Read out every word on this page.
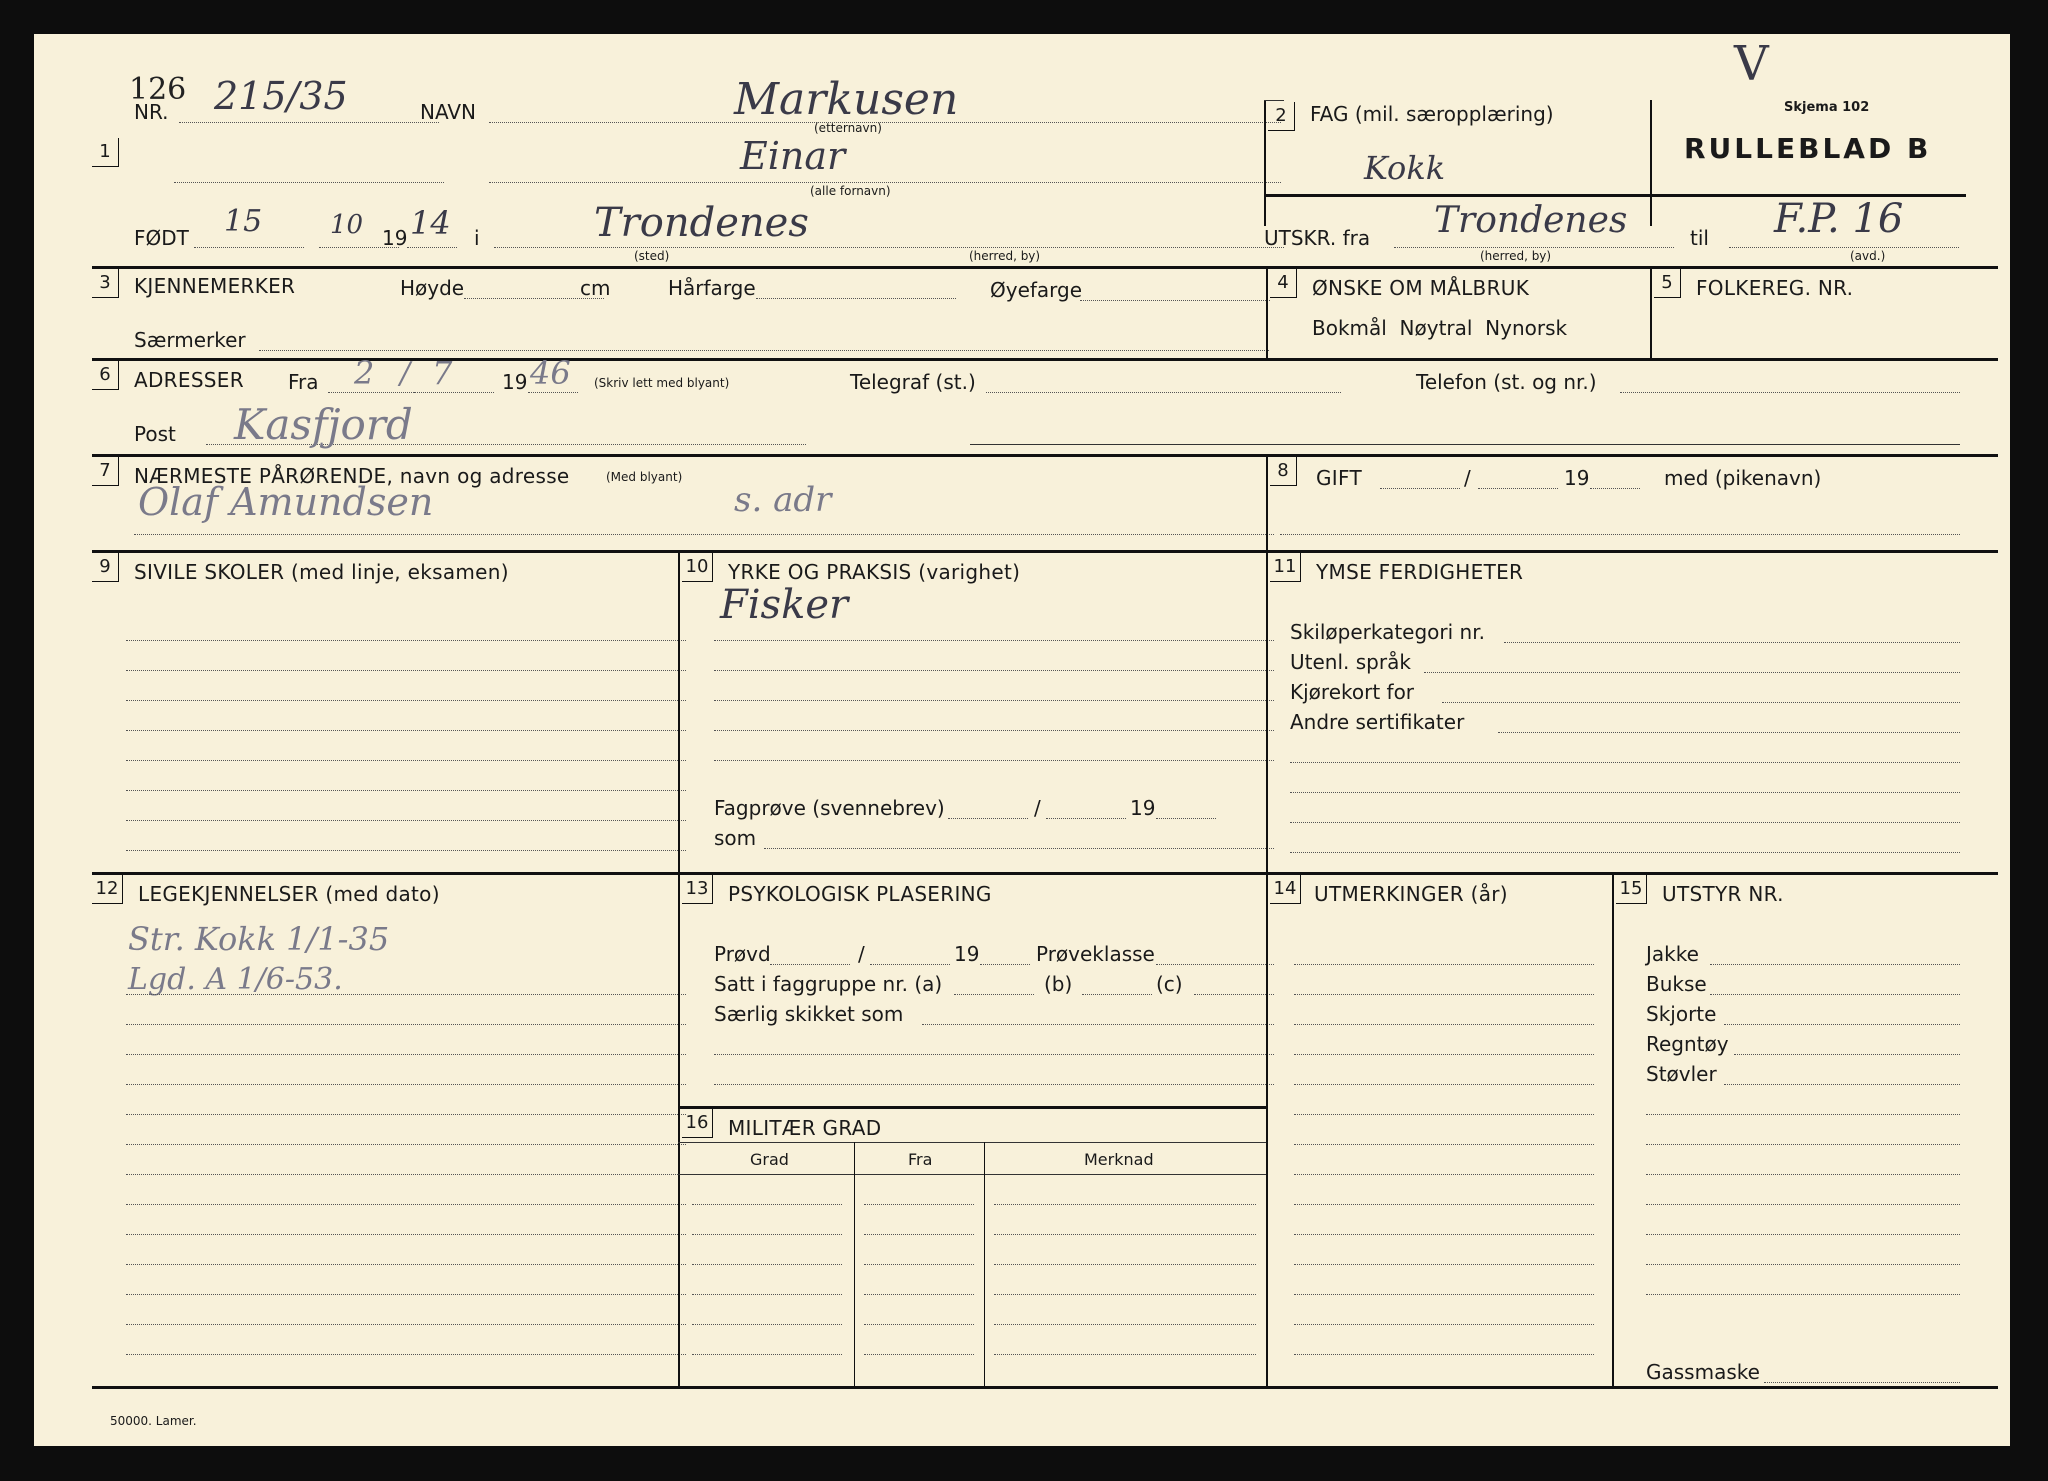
126
NR. 215/35	NAVN	Markusen
(etternavn)
1	Einar
(alle fornavn)
FØDT 15	10 19 14 i	Trondenes
(sted)	(herred, by)
2	FAG (mil. særopplæring)
Kokk
Skjema 102
RULLEBLAD B
V
UTSKR. fra Trondenes
(herred, by)
til F.P. 16
(avd.)
3	KJENNEMERKER	Høyde	cm	Hårfarge	Øyefarge
Særmerker
4	ØNSKE OM MÅLBRUK
Bokmål  Nøytral  Nynorsk
5	FOLKEREG. NR.
6	ADRESSER Fra 2 / 7 19 46 (Skriv lett med blyant)	Telegraf (st.)	Telefon (st. og nr.)
Post Kasfjord
7	NÆRMESTE PÅRØRENDE, navn og adresse	(Med blyant)
Olaf Amundsen	s. adr
8	GIFT	/	19	med (pikenavn)
9	SIVILE SKOLER (med linje, eksamen)	10 YRKE OG PRAKSIS (varighet)
Fisker
Fagprøve (svennebrev)	/	19
som
11 YMSE FERDIGHETER
Skiløperkategori nr.
Utenl. språk
Kjørekort for
Andre sertifikater
12 LEGEKJENNELSER (med dato)
Str. Kokk 1/1-35
Lgd. A 1/6-53.
13 PSYKOLOGISK PLASERING
Prøvd	/	19	Prøveklasse
Satt i faggruppe nr. (a)	(b)	(c)
Særlig skikket som
16 MILITÆR GRAD
Grad	Fra	Merknad
14 UTMERKINGER (år)	15 UTSTYR NR.
Jakke
Bukse
Skjorte
Regntøy
Støvler
Gassmaske
50000. Lamer.
